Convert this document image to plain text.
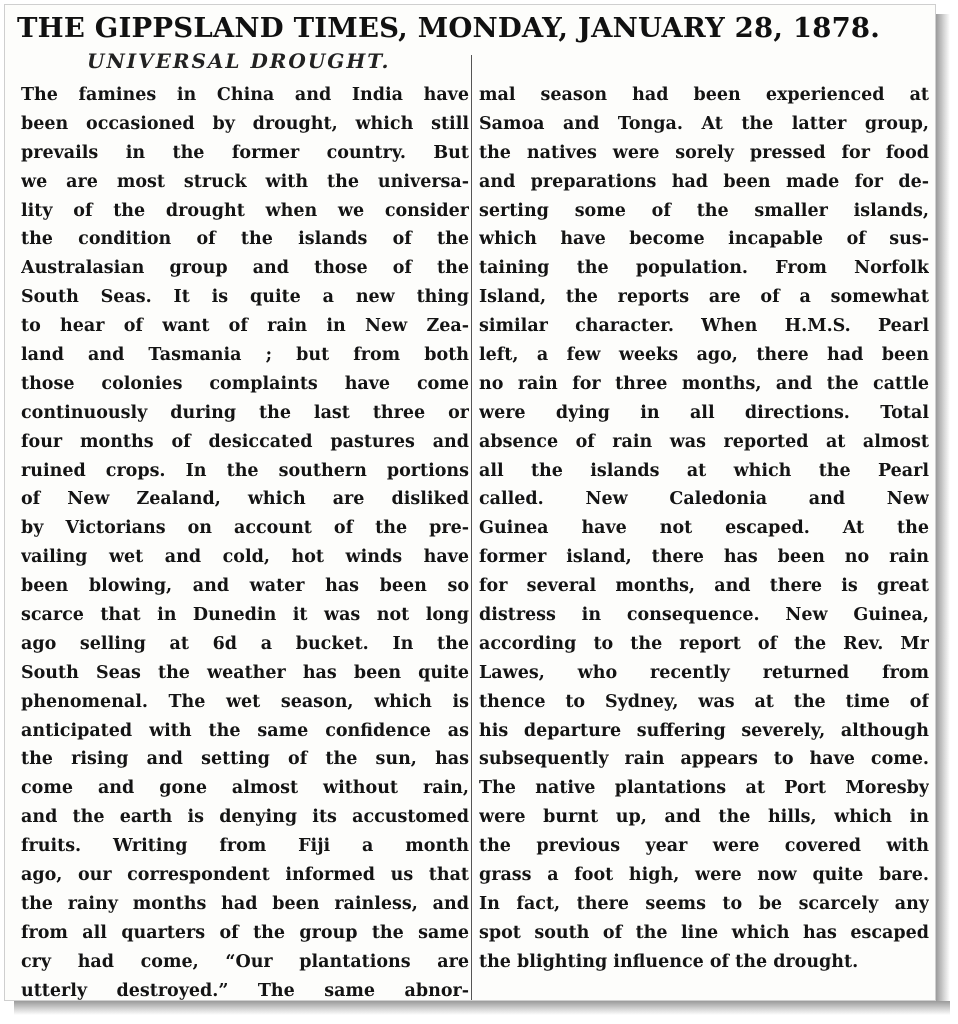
THE GIPPSLAND TIMES, MONDAY, JANUARY 28, 1878.
UNIVERSAL DROUGHT.
The famines in China and India have
been occasioned by drought, which still
prevails in the former country. But
we are most struck with the universa-
lity of the drought when we consider
the condition of the islands of the
Australasian group and those of the
South Seas. It is quite a new thing
to hear of want of rain in New Zea-
land and Tasmania ; but from both
those colonies complaints have come
continuously during the last three or
four months of desiccated pastures and
ruined crops. In the southern portions
of New Zealand, which are disliked
by Victorians on account of the pre-
vailing wet and cold, hot winds have
been blowing, and water has been so
scarce that in Dunedin it was not long
ago selling at 6d a bucket. In the
South Seas the weather has been quite
phenomenal. The wet season, which is
anticipated with the same confidence as
the rising and setting of the sun, has
come and gone almost without rain,
and the earth is denying its accustomed
fruits. Writing from Fiji a month
ago, our correspondent informed us that
the rainy months had been rainless, and
from all quarters of the group the same
cry had come, “Our plantations are
utterly destroyed.” The same abnor-
mal season had been experienced at
Samoa and Tonga. At the latter group,
the natives were sorely pressed for food
and preparations had been made for de-
serting some of the smaller islands,
which have become incapable of sus-
taining the population. From Norfolk
Island, the reports are of a somewhat
similar character. When H.M.S. Pearl
left, a few weeks ago, there had been
no rain for three months, and the cattle
were dying in all directions. Total
absence of rain was reported at almost
all the islands at which the Pearl
called. New Caledonia and New
Guinea have not escaped. At the
former island, there has been no rain
for several months, and there is great
distress in consequence. New Guinea,
according to the report of the Rev. Mr
Lawes, who recently returned from
thence to Sydney, was at the time of
his departure suffering severely, although
subsequently rain appears to have come.
The native plantations at Port Moresby
were burnt up, and the hills, which in
the previous year were covered with
grass a foot high, were now quite bare.
In fact, there seems to be scarcely any
spot south of the line which has escaped
the blighting influence of the drought.
